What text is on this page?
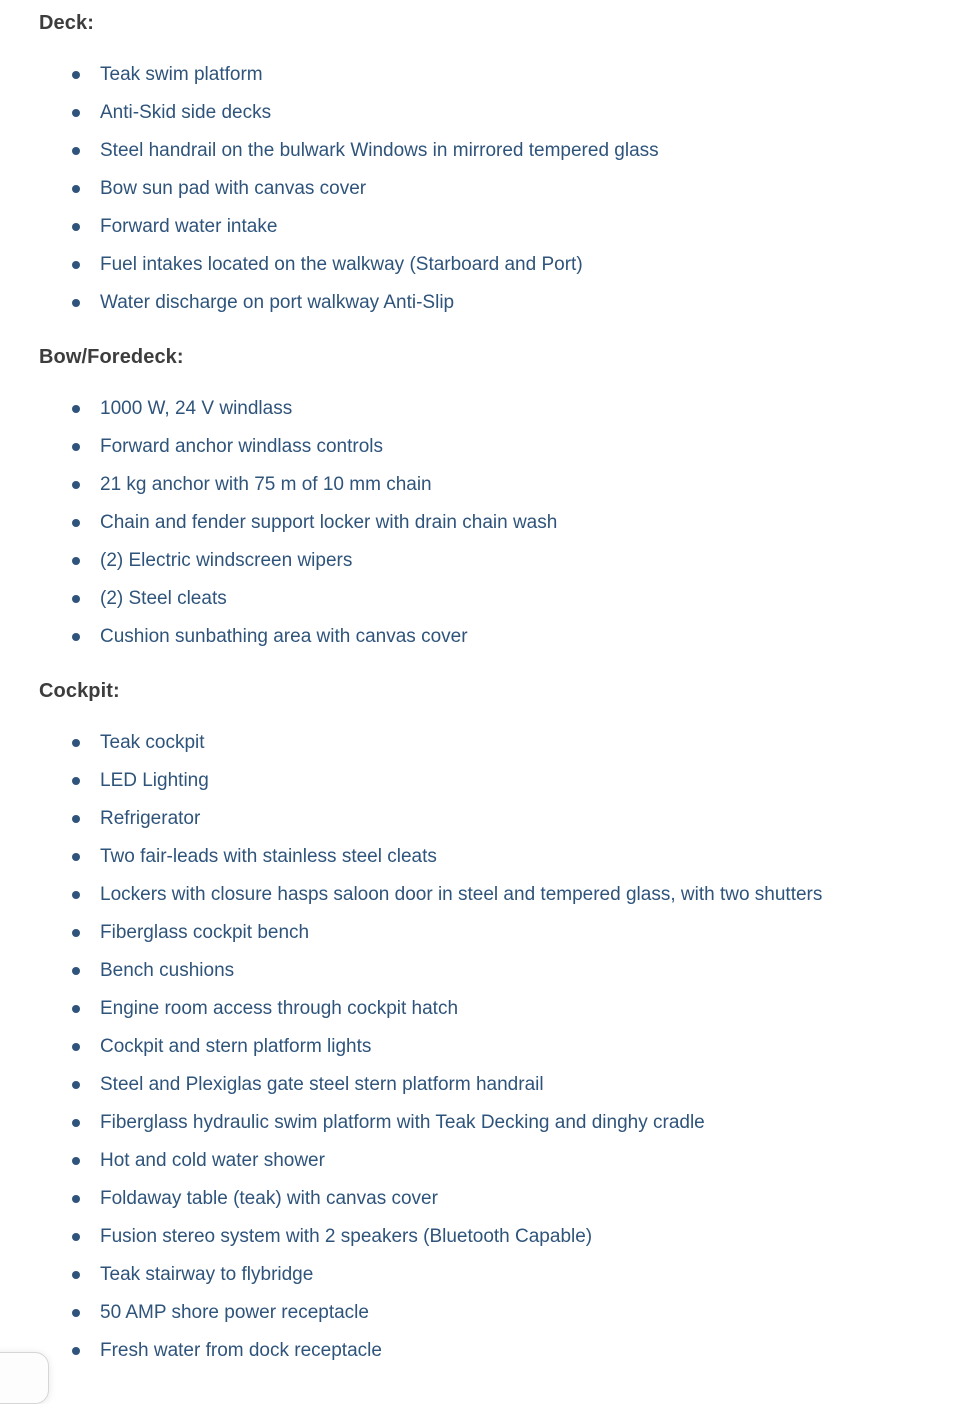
Deck:
Teak swim platform
Anti-Skid side decks
Steel handrail on the bulwark Windows in mirrored tempered glass
Bow sun pad with canvas cover
Forward water intake
Fuel intakes located on the walkway (Starboard and Port)
Water discharge on port walkway Anti-Slip
Bow/Foredeck:
1000 W, 24 V windlass
Forward anchor windlass controls
21 kg anchor with 75 m of 10 mm chain
Chain and fender support locker with drain chain wash
(2) Electric windscreen wipers
(2) Steel cleats
Cushion sunbathing area with canvas cover
Cockpit:
Teak cockpit
LED Lighting
Refrigerator
Two fair-leads with stainless steel cleats
Lockers with closure hasps saloon door in steel and tempered glass, with two shutters
Fiberglass cockpit bench
Bench cushions
Engine room access through cockpit hatch
Cockpit and stern platform lights
Steel and Plexiglas gate steel stern platform handrail
Fiberglass hydraulic swim platform with Teak Decking and dinghy cradle
Hot and cold water shower
Foldaway table (teak) with canvas cover
Fusion stereo system with 2 speakers (Bluetooth Capable)
Teak stairway to flybridge
50 AMP shore power receptacle
Fresh water from dock receptacle
